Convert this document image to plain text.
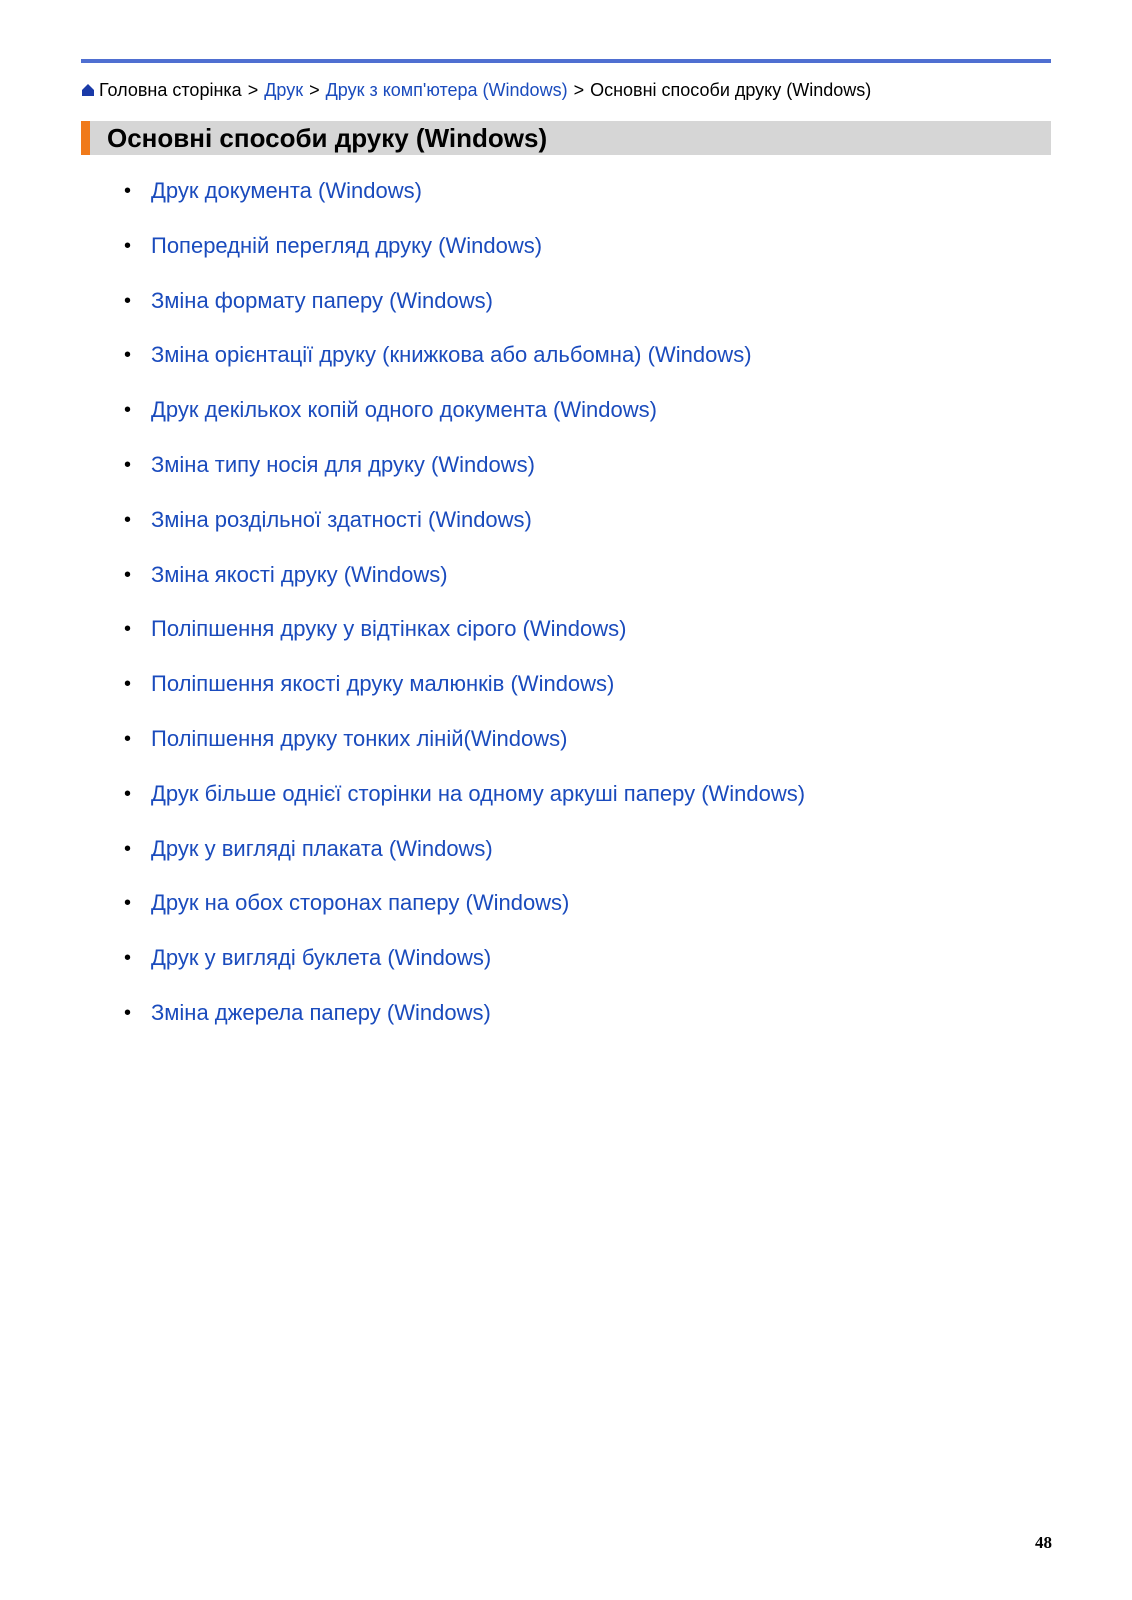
Головна сторінка > Друк > Друк з комп'ютера (Windows) > Основні способи друку (Windows)
Основні способи друку (Windows)
• Друк документа (Windows)
• Попередній перегляд друку (Windows)
• Зміна формату паперу (Windows)
• Зміна орієнтації друку (книжкова або альбомна) (Windows)
• Друк декількох копій одного документа (Windows)
• Зміна типу носія для друку (Windows)
• Зміна роздільної здатності (Windows)
• Зміна якості друку (Windows)
• Поліпшення друку у відтінках сірого (Windows)
• Поліпшення якості друку малюнків (Windows)
• Поліпшення друку тонких ліній(Windows)
• Друк більше однієї сторінки на одному аркуші паперу (Windows)
• Друк у вигляді плаката (Windows)
• Друк на обох сторонах паперу (Windows)
• Друк у вигляді буклета (Windows)
• Зміна джерела паперу (Windows)
48
